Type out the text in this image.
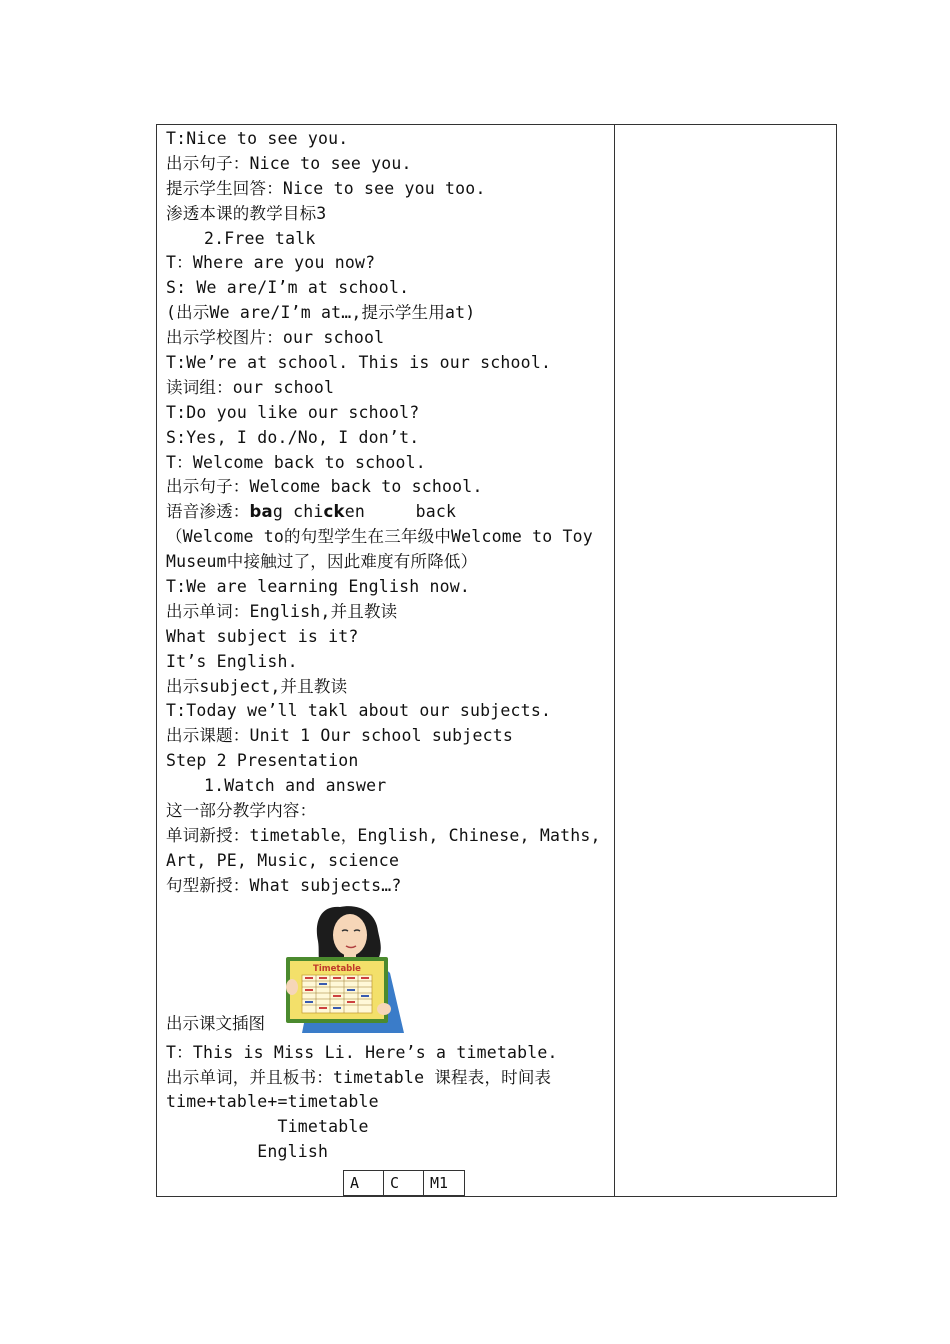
T:Nice to see you.
出示句子：Nice to see you.
提示学生回答：Nice to see you too.
渗透本课的教学目标3
2.Free talk
T：Where are you now?
S: We are/I’m at school.
(出示We are/I’m at…,提示学生用at)
出示学校图片：our school
T:We’re at school. This is our school.
读词组：our school
T:Do you like our school?
S:Yes, I do./No, I don’t.
T：Welcome back to school.
出示句子：Welcome back to school.
语音渗透：bag chicken     back
（Welcome to的句型学生在三年级中Welcome to Toy
Museum中接触过了，因此难度有所降低）
T:We are learning English now.
出示单词：English,并且教读
What subject is it?
It’s English.
出示subject,并且教读
T:Today we’ll takl about our subjects.
出示课题：Unit 1 Our school subjects
Step 2 Presentation
1.Watch and answer
这一部分教学内容：
单词新授：timetable，English, Chinese, Maths,
Art, PE, Music, science
句型新授：What subjects…?
出示课文插图
Timetable
T：This is Miss Li. Here’s a timetable.
出示单词，并且板书：timetable 课程表，时间表
time+table+=timetable
Timetable
English
A	C	M1
